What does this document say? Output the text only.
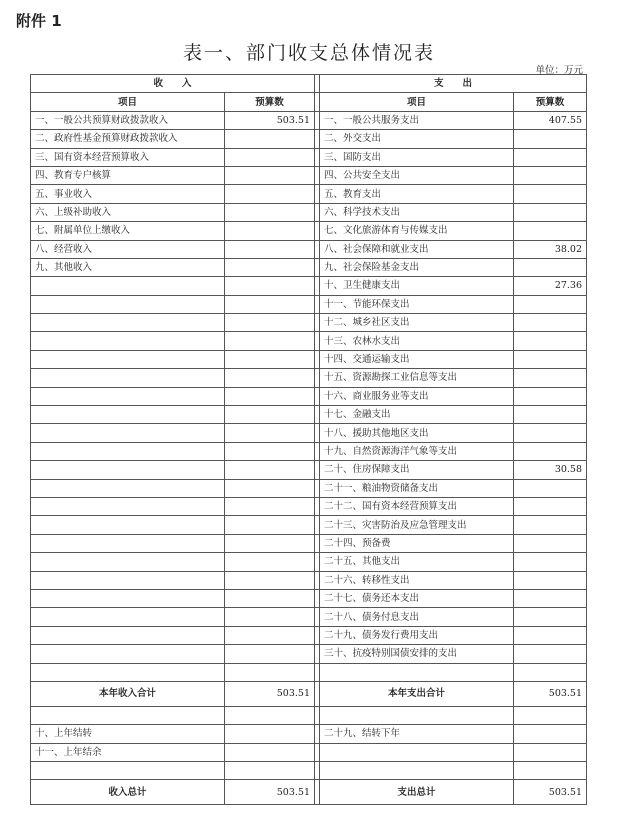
附件 1
表一、部门收支总体情况表
单位：万元
收　　入			支　　出	
项目	预算数		项目	预算数
一、一般公共预算财政拨款收入	503.51		一、一般公共服务支出	407.55
二、政府性基金预算财政拨款收入			二、外交支出	
三、国有资本经营预算收入			三、国防支出	
四、教育专户核算			四、公共安全支出	
五、事业收入			五、教育支出	
六、上级补助收入			六、科学技术支出	
七、附属单位上缴收入			七、文化旅游体育与传媒支出	
八、经营收入			八、社会保障和就业支出	38.02
九、其他收入			九、社会保险基金支出	
			十、卫生健康支出	27.36
			十一、节能环保支出	
			十二、城乡社区支出	
			十三、农林水支出	
			十四、交通运输支出	
			十五、资源勘探工业信息等支出	
			十六、商业服务业等支出	
			十七、金融支出	
			十八、援助其他地区支出	
			十九、自然资源海洋气象等支出	
			二十、住房保障支出	30.58
			二十一、粮油物资储备支出	
			二十二、国有资本经营预算支出	
			二十三、灾害防治及应急管理支出	
			二十四、预备费	
			二十五、其他支出	
			二十六、转移性支出	
			二十七、债务还本支出	
			二十八、债务付息支出	
			二十九、债务发行费用支出	
			三十、抗疫特别国债安排的支出	

本年收入合计	503.51		本年支出合计	503.51

十、上年结转			二十九、结转下年	
十一、上年结余				

收入总计	503.51		支出总计	503.51
